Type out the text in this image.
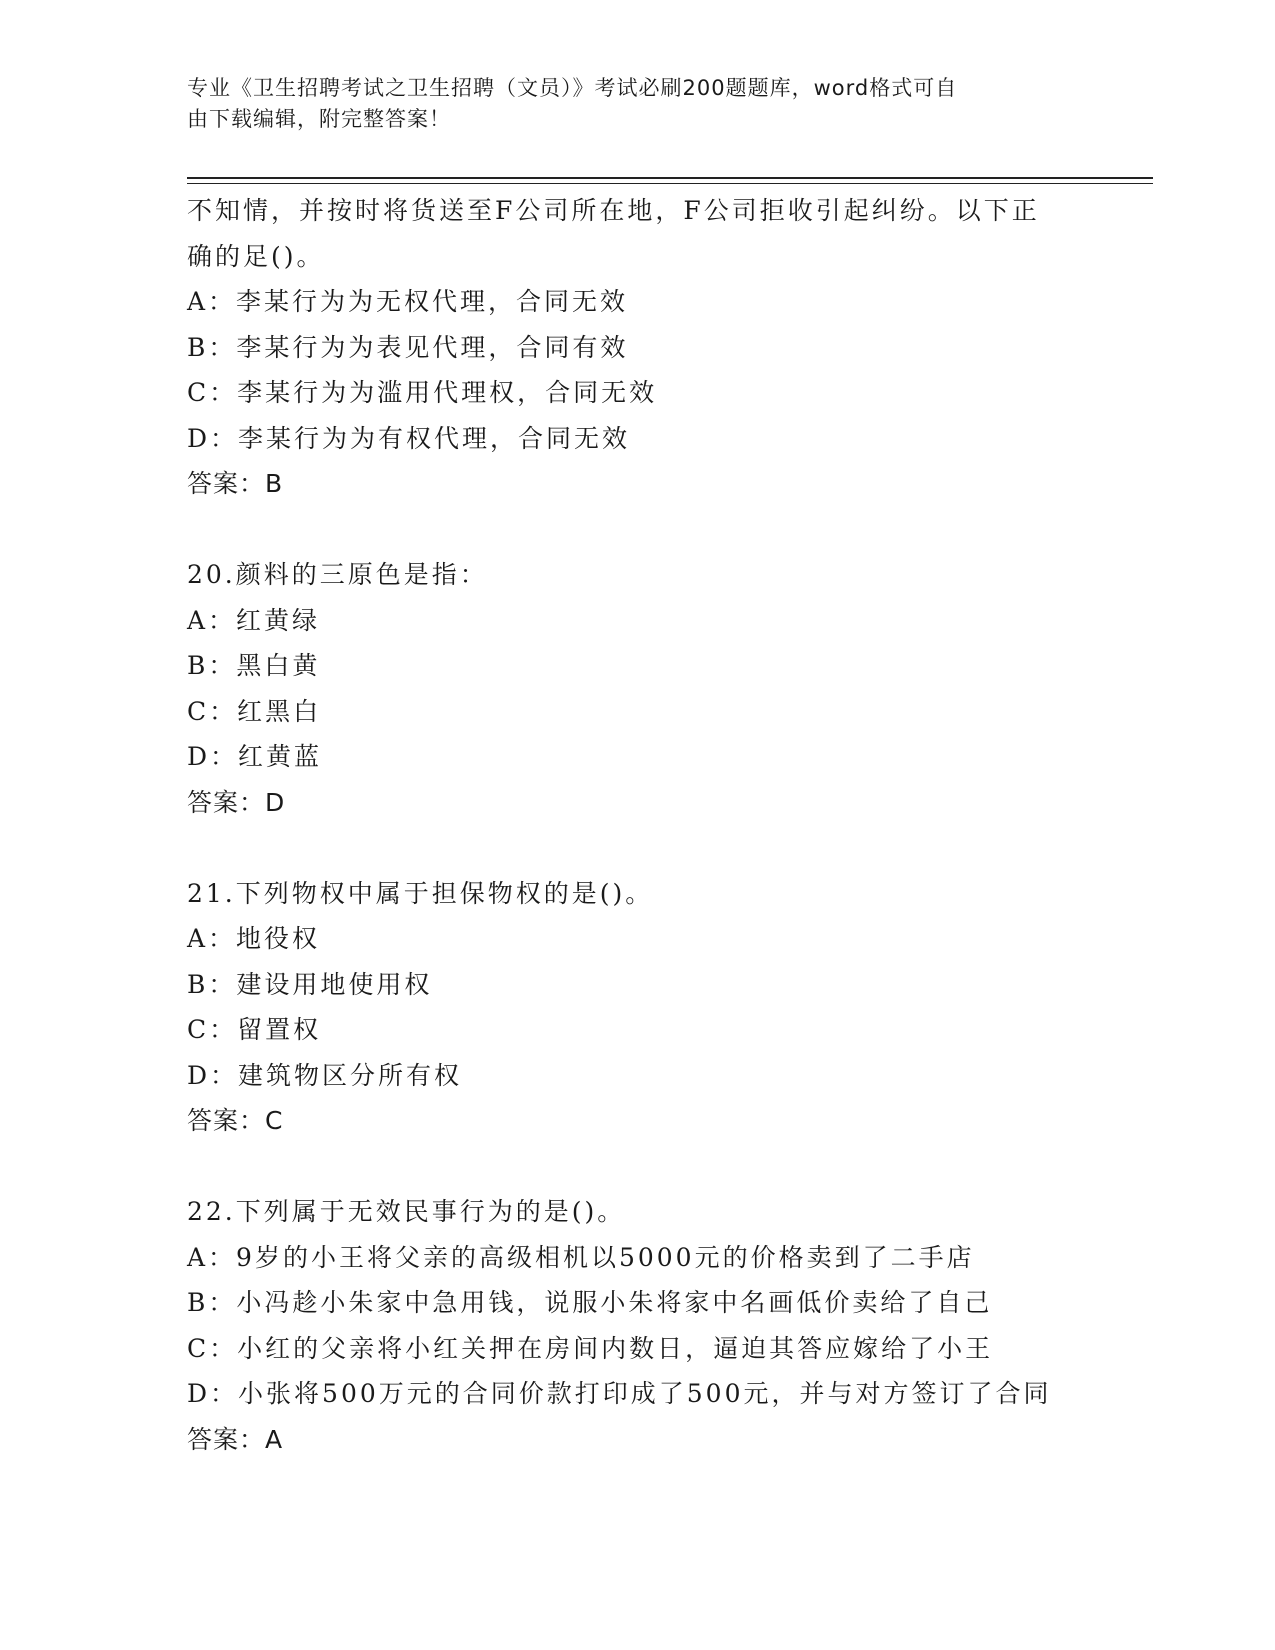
专业《卫生招聘考试之卫生招聘（文员）》考试必刷200题题库，word格式可自
由下载编辑，附完整答案！
不知情，并按时将货送至F公司所在地，F公司拒收引起纠纷。以下正
确的足()。
A：李某行为为无权代理，合同无效
B：李某行为为表见代理，合同有效
C：李某行为为滥用代理权，合同无效
D：李某行为为有权代理，合同无效
答案：B
20.颜料的三原色是指：
A：红黄绿
B：黑白黄
C：红黑白
D：红黄蓝
答案：D
21.下列物权中属于担保物权的是()。
A：地役权
B：建设用地使用权
C：留置权
D：建筑物区分所有权
答案：C
22.下列属于无效民事行为的是()。
A：9岁的小王将父亲的高级相机以5000元的价格卖到了二手店
B：小冯趁小朱家中急用钱，说服小朱将家中名画低价卖给了自己
C：小红的父亲将小红关押在房间内数日，逼迫其答应嫁给了小王
D：小张将500万元的合同价款打印成了500元，并与对方签订了合同
答案：A
